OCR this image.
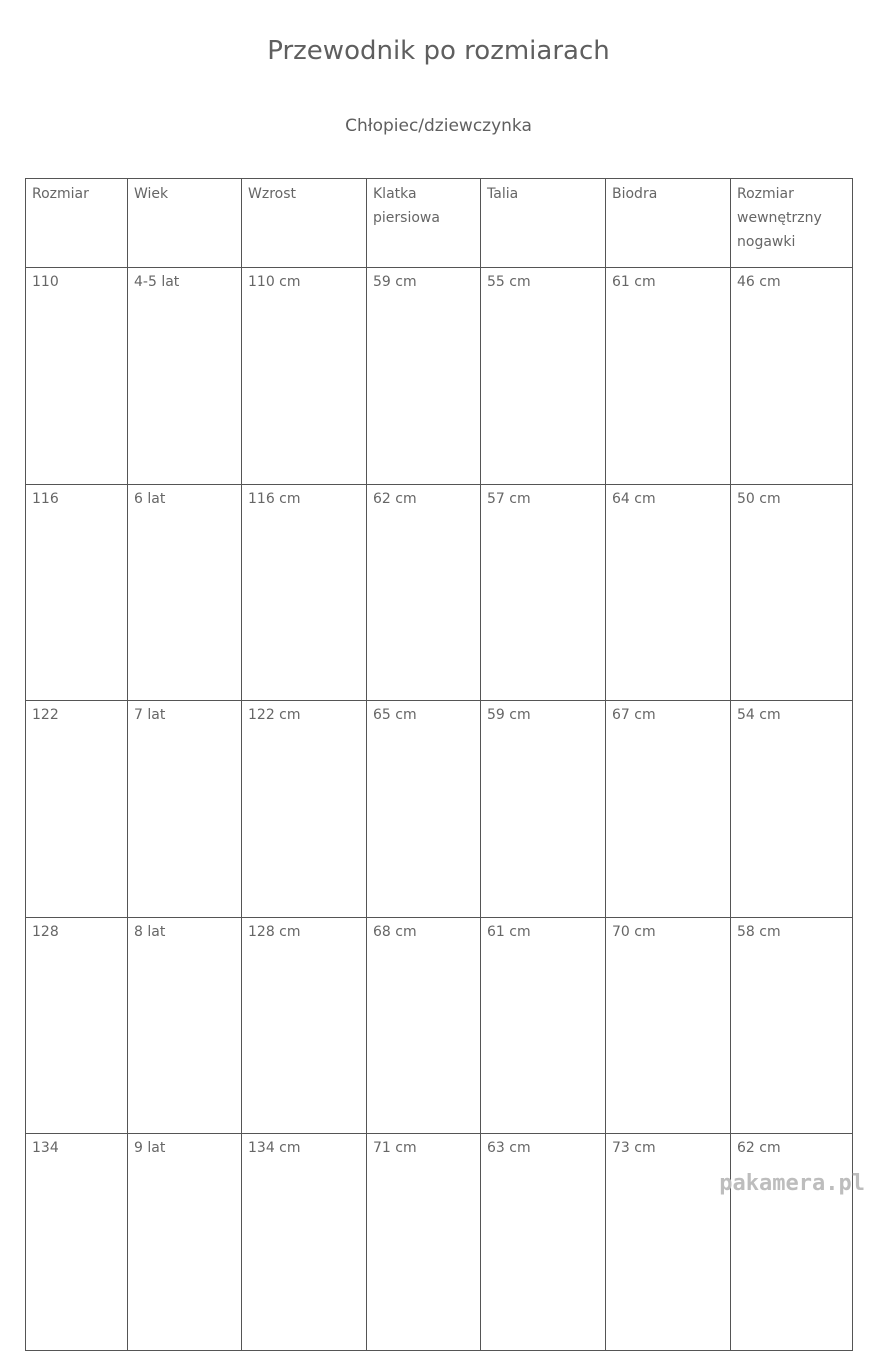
Przewodnik po rozmiarach

Chłopiec/dziewczynka

Rozmiar	Wiek	Wzrost	Klatka piersiowa	Talia	Biodra	Rozmiar wewnętrzny nogawki
110	4-5 lat	110 cm	59 cm	55 cm	61 cm	46 cm
116	6 lat	116 cm	62 cm	57 cm	64 cm	50 cm
122	7 lat	122 cm	65 cm	59 cm	67 cm	54 cm
128	8 lat	128 cm	68 cm	61 cm	70 cm	58 cm
134	9 lat	134 cm	71 cm	63 cm	73 cm	62 cm
pakamera.pl
